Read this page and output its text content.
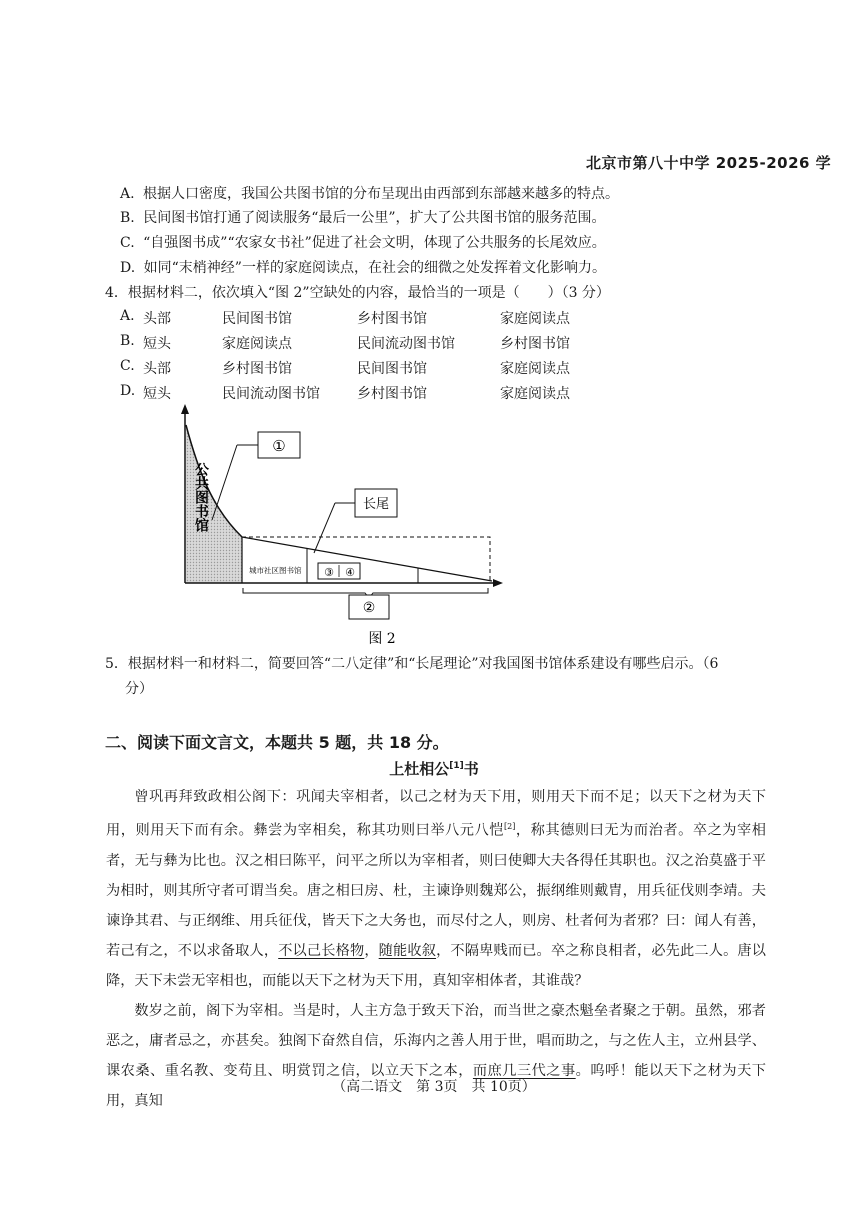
北京市第八十中学 2025-2026 学
A. 根据人口密度，我国公共图书馆的分布呈现出由西部到东部越来越多的特点。
B. 民间图书馆打通了阅读服务“最后一公里”，扩大了公共图书馆的服务范围。
C. “自强图书成”“农家女书社”促进了社会文明，体现了公共服务的长尾效应。
D. 如同“末梢神经”一样的家庭阅读点，在社会的细微之处发挥着文化影响力。
4．根据材料二，依次填入“图 2”空缺处的内容，最恰当的一项是（　　）（3 分）
A. 头部	民间图书馆	乡村图书馆	家庭阅读点
B. 短头	家庭阅读点	民间流动图书馆	乡村图书馆
C. 头部	乡村图书馆	民间图书馆	家庭阅读点
D. 短头	民间流动图书馆	乡村图书馆	家庭阅读点
①
长尾
③ ④
②
城市社区图书馆
公共图书馆
图 2
5．根据材料一和材料二，简要回答“二八定律”和“长尾理论”对我国图书馆体系建设有哪些启示。（6
分）
二、阅读下面文言文，本题共 5 题，共 18 分。
上杜相公[1]书

曾巩再拜致政相公阁下：巩闻夫宰相者，以己之材为天下用，则用天下而不足；以天下之材为天下用，则用天下而有余。彝尝为宰相矣，称其功则曰举八元八恺[2]，称其德则曰无为而治者。卒之为宰相者，无与彝为比也。汉之相曰陈平，问平之所以为宰相者，则曰使卿大夫各得任其职也。汉之治莫盛于平为相时，则其所守者可谓当矣。唐之相曰房、杜，主谏诤则魏郑公，振纲维则戴胄，用兵征伐则李靖。夫谏诤其君、与正纲维、用兵征伐，皆天下之大务也，而尽付之人，则房、杜者何为者邪？曰：闻人有善，若己有之，不以求备取人，不以己长格物，随能收叙，不隔卑贱而已。卒之称良相者，必先此二人。唐以降，天下未尝无宰相也，而能以天下之材为天下用，真知宰相体者，其谁哉？

数岁之前，阁下为宰相。当是时，人主方急于致天下治，而当世之豪杰魁垒者聚之于朝。虽然，邪者恶之，庸者忌之，亦甚矣。独阁下奋然自信，乐海内之善人用于世，唱而助之，与之佐人主，立州县学、课农桑、重名教、变苟且、明赏罚之信，以立天下之本，而庶几三代之事。呜呼！能以天下之材为天下用，真知

（高二语文　第 3页　共 10页）
